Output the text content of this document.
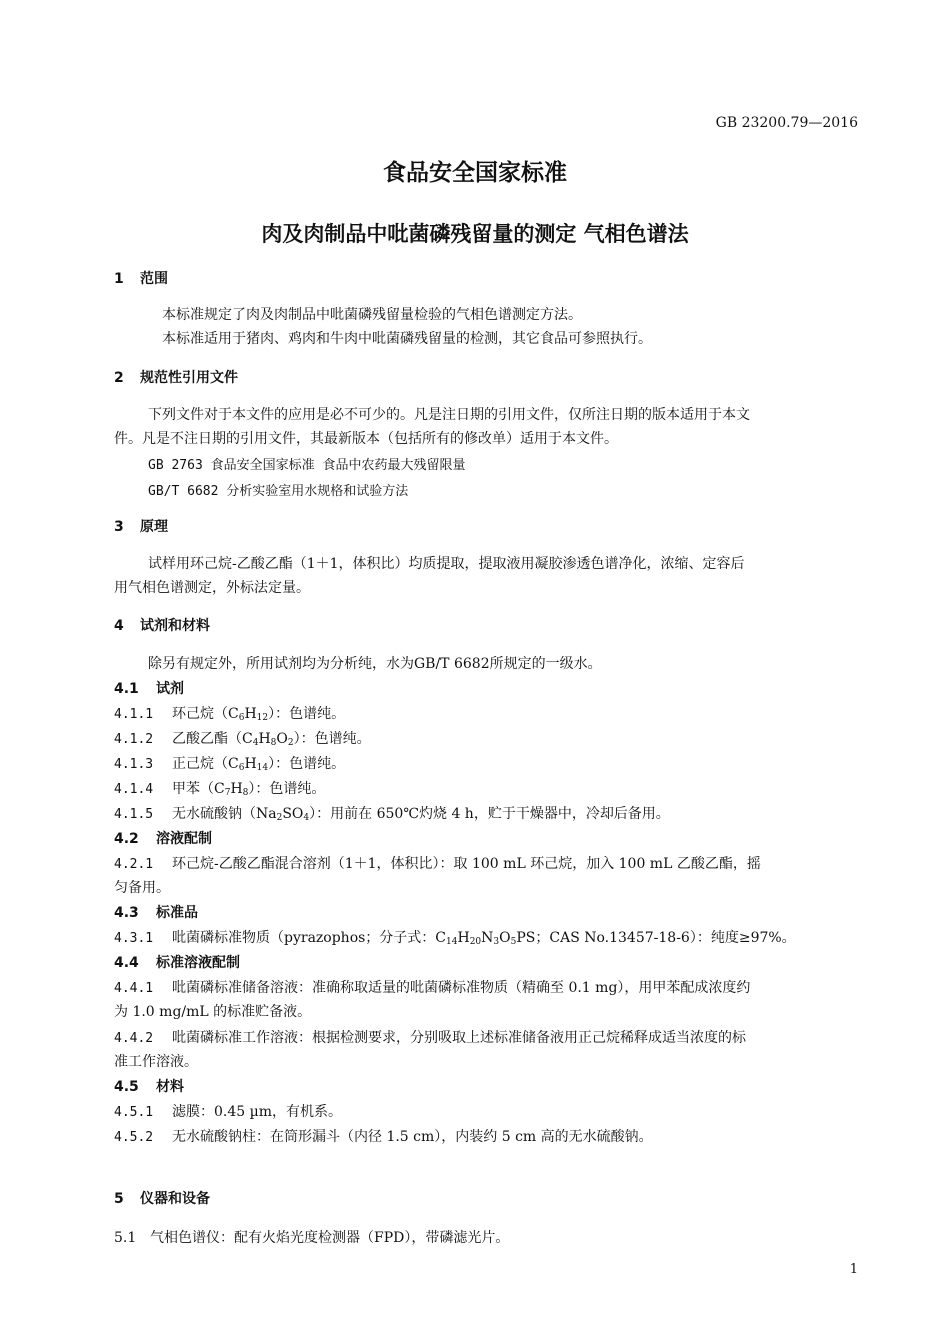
GB 23200.79—2016
食品安全国家标准
肉及肉制品中吡菌磷残留量的测定 气相色谱法
1 范围
本标准规定了肉及肉制品中吡菌磷残留量检验的气相色谱测定方法。
本标准适用于猪肉、鸡肉和牛肉中吡菌磷残留量的检测，其它食品可参照执行。
2 规范性引用文件
下列文件对于本文件的应用是必不可少的。凡是注日期的引用文件，仅所注日期的版本适用于本文
件。凡是不注日期的引用文件，其最新版本（包括所有的修改单）适用于本文件。
GB 2763 食品安全国家标准 食品中农药最大残留限量
GB/T 6682 分析实验室用水规格和试验方法
3 原理
试样用环己烷-乙酸乙酯（1＋1，体积比）均质提取，提取液用凝胶渗透色谱净化，浓缩、定容后
用气相色谱测定，外标法定量。
4 试剂和材料
除另有规定外，所用试剂均为分析纯，水为GB/T 6682所规定的一级水。
4.1 试剂
4.1.1 环己烷$(C_6H_{12})$：色谱纯。
4.1.2 乙酸乙酯$(C_4H_8O_2)$：色谱纯。
4.1.3 正己烷$(C_6H_{14})$：色谱纯。
4.1.4 甲苯$(C_7H_8)$：色谱纯。
4.1.5 无水硫酸钠$(Na_2SO_4)$：用前在 650℃灼烧 4 h，贮于干燥器中，冷却后备用。
4.2 溶液配制
4.2.1 环己烷-乙酸乙酯混合溶剂（1＋1，体积比）：取 100 mL 环己烷，加入 100 mL 乙酸乙酯，摇
匀备用。
4.3 标准品
4.3.1 吡菌磷标准物质（pyrazophos；分子式：$C_{14}H_{20}N_3O_5PS$；CAS No.13457-18-6）：纯度≥97%。
4.4 标准溶液配制
4.4.1 吡菌磷标准储备溶液：准确称取适量的吡菌磷标准物质（精确至 0.1 mg），用甲苯配成浓度约
为 1.0 mg/mL 的标准贮备液。
4.4.2 吡菌磷标准工作溶液：根据检测要求，分别吸取上述标准储备液用正己烷稀释成适当浓度的标
准工作溶液。
4.5 材料
4.5.1 滤膜：0.45 µm，有机系。
4.5.2 无水硫酸钠柱：在筒形漏斗（内径 1.5 cm），内装约 5 cm 高的无水硫酸钠。
5 仪器和设备
5.1 气相色谱仪：配有火焰光度检测器（FPD），带磷滤光片。
1
